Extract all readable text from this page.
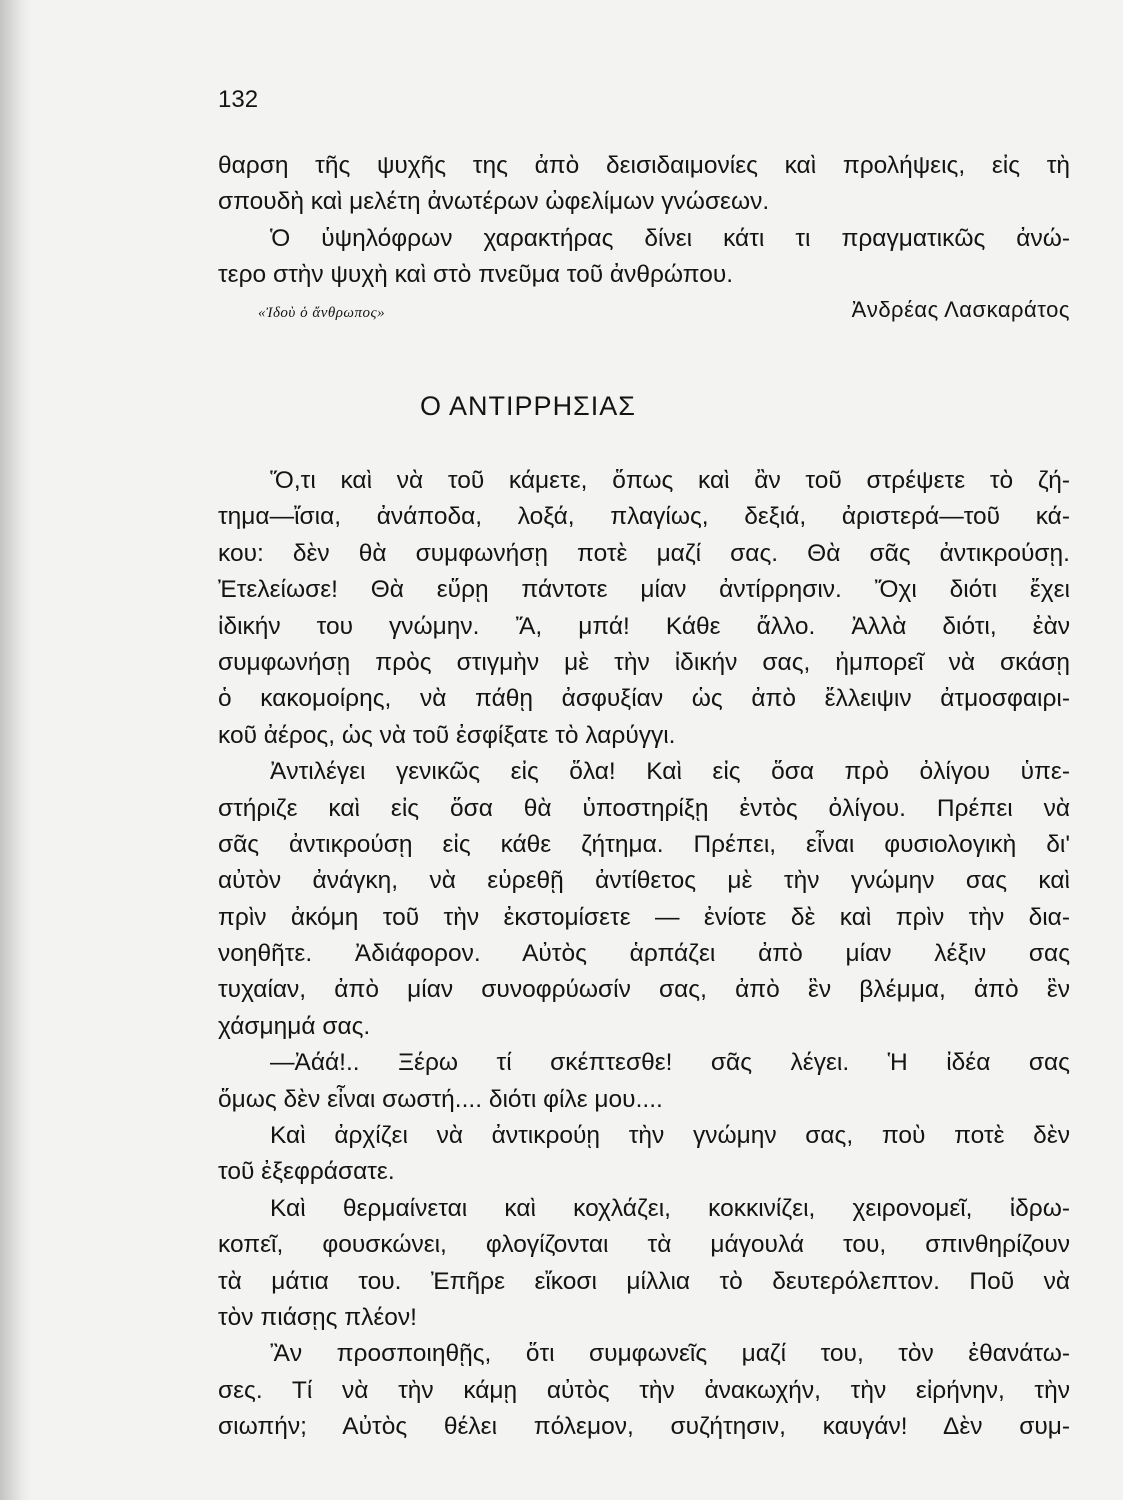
132
θαρση τῆς ψυχῆς της ἀπὸ δεισιδαιμονίες καὶ προλήψεις, εἰς τὴ
σπουδὴ καὶ μελέτη ἀνωτέρων ὠφελίμων γνώσεων.
Ὁ ὑψηλόφρων χαρακτήρας δίνει κάτι τι πραγματικῶς ἀνώ-
τερο στὴν ψυχὴ καὶ στὸ πνεῦμα τοῦ ἀνθρώπου.
«Ἰδοὺ ὁ ἄνθρωπος»	Ἀνδρέας Λασκαράτος
Ο ΑΝΤΙΡΡΗΣΙΑΣ
Ὅ,τι καὶ νὰ τοῦ κάμετε, ὅπως καὶ ἂν τοῦ στρέψετε τὸ ζή-
τημα—ἴσια, ἀνάποδα, λοξά, πλαγίως, δεξιά, ἀριστερά—τοῦ κά-
κου: δὲν θὰ συμφωνήσῃ ποτὲ μαζί σας. Θὰ σᾶς ἀντικρούσῃ.
Ἐτελείωσε! Θὰ εὕρῃ πάντοτε μίαν ἀντίρρησιν. Ὄχι διότι ἔχει
ἰδικήν του γνώμην. Ἄ, μπά! Κάθε ἄλλο. Ἀλλὰ διότι, ἐὰν
συμφωνήσῃ πρὸς στιγμὴν μὲ τὴν ἰδικήν σας, ἠμπορεῖ νὰ σκάσῃ
ὁ κακομοίρης, νὰ πάθῃ ἀσφυξίαν ὡς ἀπὸ ἔλλειψιν ἀτμοσφαιρι-
κοῦ ἀέρος, ὡς νὰ τοῦ ἐσφίξατε τὸ λαρύγγι.
Ἀντιλέγει γενικῶς εἰς ὅλα! Καὶ εἰς ὅσα πρὸ ὀλίγου ὑπε-
στήριζε καὶ εἰς ὅσα θὰ ὑποστηρίξῃ ἐντὸς ὀλίγου. Πρέπει νὰ
σᾶς ἀντικρούσῃ εἰς κάθε ζήτημα. Πρέπει, εἶναι φυσιολογικὴ δι'
αὐτὸν ἀνάγκη, νὰ εὑρεθῇ ἀντίθετος μὲ τὴν γνώμην σας καὶ
πρὶν ἀκόμη τοῦ τὴν ἐκστομίσετε — ἐνίοτε δὲ καὶ πρὶν τὴν δια-
νοηθῆτε. Ἀδιάφορον. Αὐτὸς ἁρπάζει ἀπὸ μίαν λέξιν σας
τυχαίαν, ἀπὸ μίαν συνοφρύωσίν σας, ἀπὸ ἓν βλέμμα, ἀπὸ ἓν
χάσμημά σας.
—Ἀάά!.. Ξέρω τί σκέπτεσθε! σᾶς λέγει. Ἡ ἰδέα σας
ὅμως δὲν εἶναι σωστή.... διότι φίλε μου....
Καὶ ἀρχίζει νὰ ἀντικρούῃ τὴν γνώμην σας, ποὺ ποτὲ δὲν
τοῦ ἐξεφράσατε.
Καὶ θερμαίνεται καὶ κοχλάζει, κοκκινίζει, χειρονομεῖ, ἱδρω-
κοπεῖ, φουσκώνει, φλογίζονται τὰ μάγουλά του, σπινθηρίζουν
τὰ μάτια του. Ἐπῆρε εἴκοσι μίλλια τὸ δευτερόλεπτον. Ποῦ νὰ
τὸν πιάσῃς πλέον!
Ἂν προσποιηθῇς, ὅτι συμφωνεῖς μαζί του, τὸν ἐθανάτω-
σες. Τί νὰ τὴν κάμῃ αὐτὸς τὴν ἀνακωχήν, τὴν εἰρήνην, τὴν
σιωπήν; Αὐτὸς θέλει πόλεμον, συζήτησιν, καυγάν! Δὲν συμ-
